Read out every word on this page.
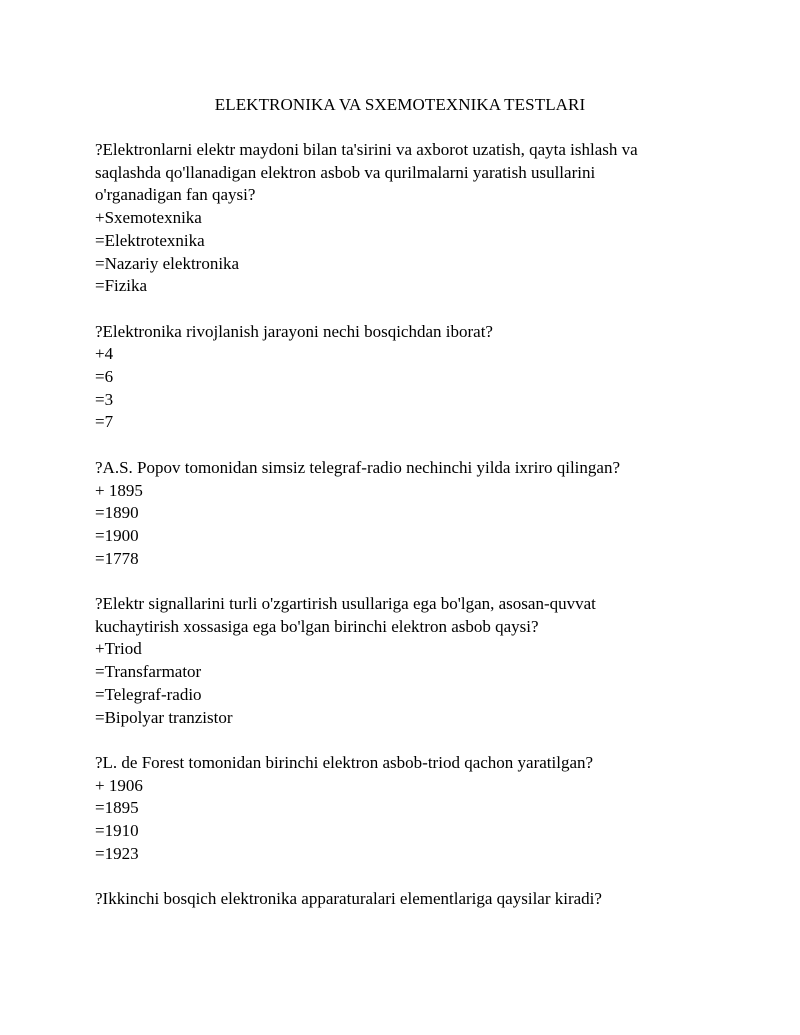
ELEKTRONIKA VA SXEMOTEXNIKA TESTLARI
?Elektronlarni elektr maydoni bilan ta'sirini va axborot uzatish, qayta ishlash va
saqlashda qo'llanadigan elektron asbob va qurilmalarni yaratish usullarini
o'rganadigan fan qaysi?
+Sxemotexnika
=Elektrotexnika
=Nazariy elektronika
=Fizika
?Elektronika rivojlanish jarayoni nechi bosqichdan iborat?
+4
=6
=3
=7
?A.S. Popov tomonidan simsiz telegraf-radio nechinchi yilda ixriro qilingan?
+ 1895
=1890
=1900
=1778
?Elektr signallarini turli o'zgartirish usullariga ega bo'lgan, asosan-quvvat
kuchaytirish xossasiga ega bo'lgan birinchi elektron asbob qaysi?
+Triod
=Transfarmator
=Telegraf-radio
=Bipolyar tranzistor
?L. de Forest tomonidan birinchi elektron asbob-triod qachon yaratilgan?
+ 1906
=1895
=1910
=1923
?Ikkinchi bosqich elektronika apparaturalari elementlariga qaysilar kiradi?
